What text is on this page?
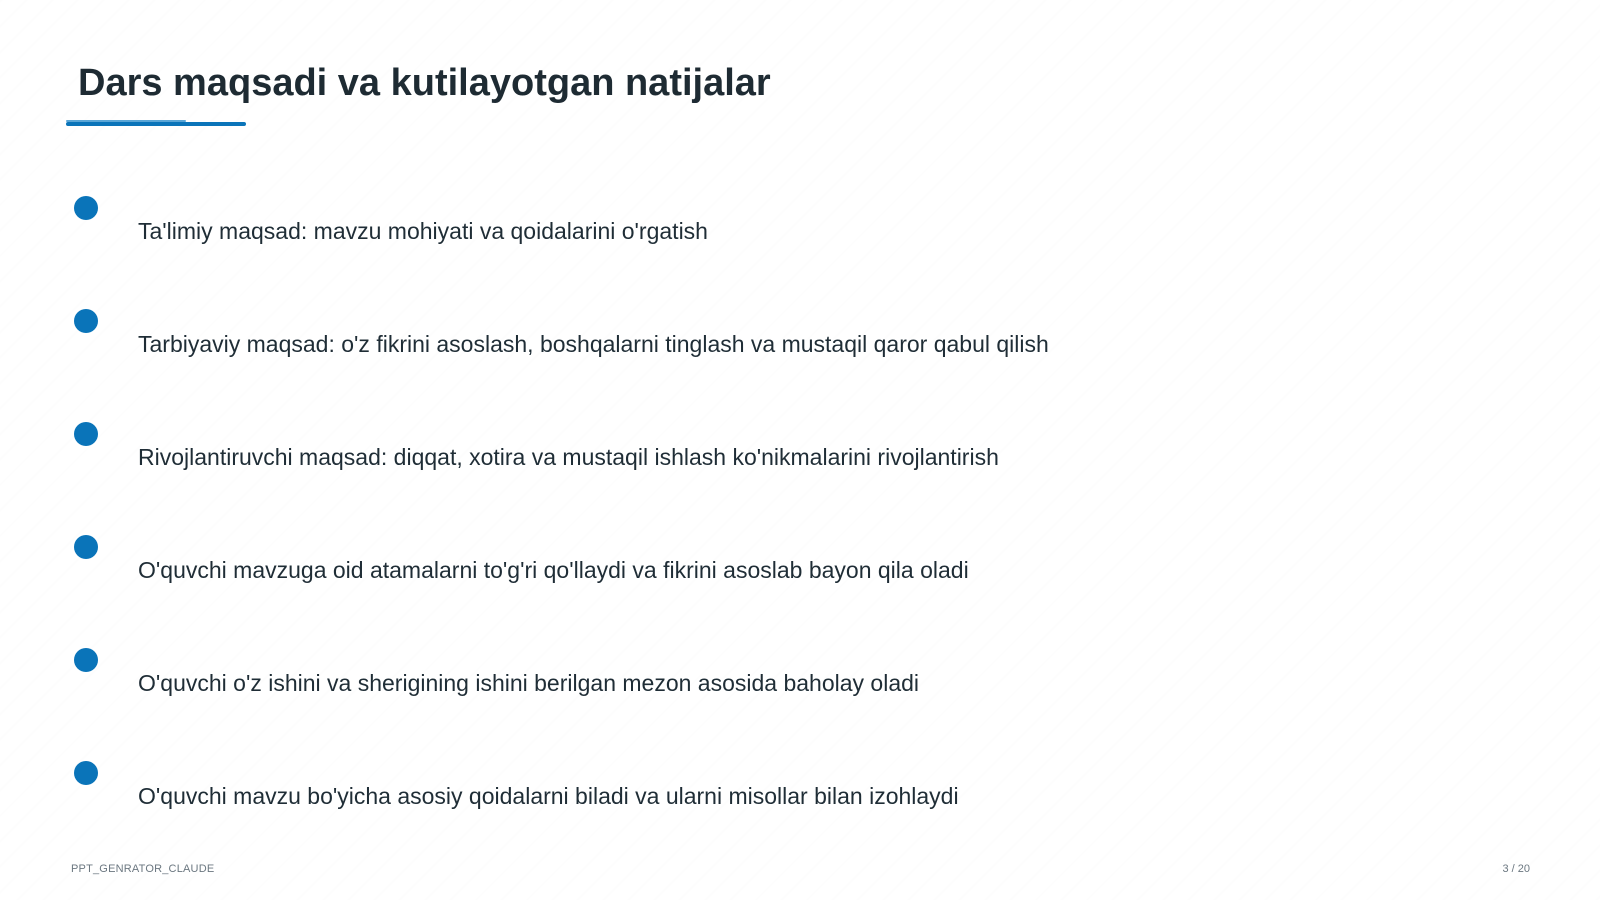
Dars maqsadi va kutilayotgan natijalar
Ta'limiy maqsad: mavzu mohiyati va qoidalarini o'rgatish
Tarbiyaviy maqsad: o'z fikrini asoslash, boshqalarni tinglash va mustaqil qaror qabul qilish
Rivojlantiruvchi maqsad: diqqat, xotira va mustaqil ishlash ko'nikmalarini rivojlantirish
O'quvchi mavzuga oid atamalarni to'g'ri qo'llaydi va fikrini asoslab bayon qila oladi
O'quvchi o'z ishini va sherigining ishini berilgan mezon asosida baholay oladi
O'quvchi mavzu bo'yicha asosiy qoidalarni biladi va ularni misollar bilan izohlaydi
PPT_GENRATOR_CLAUDE	3 / 20
